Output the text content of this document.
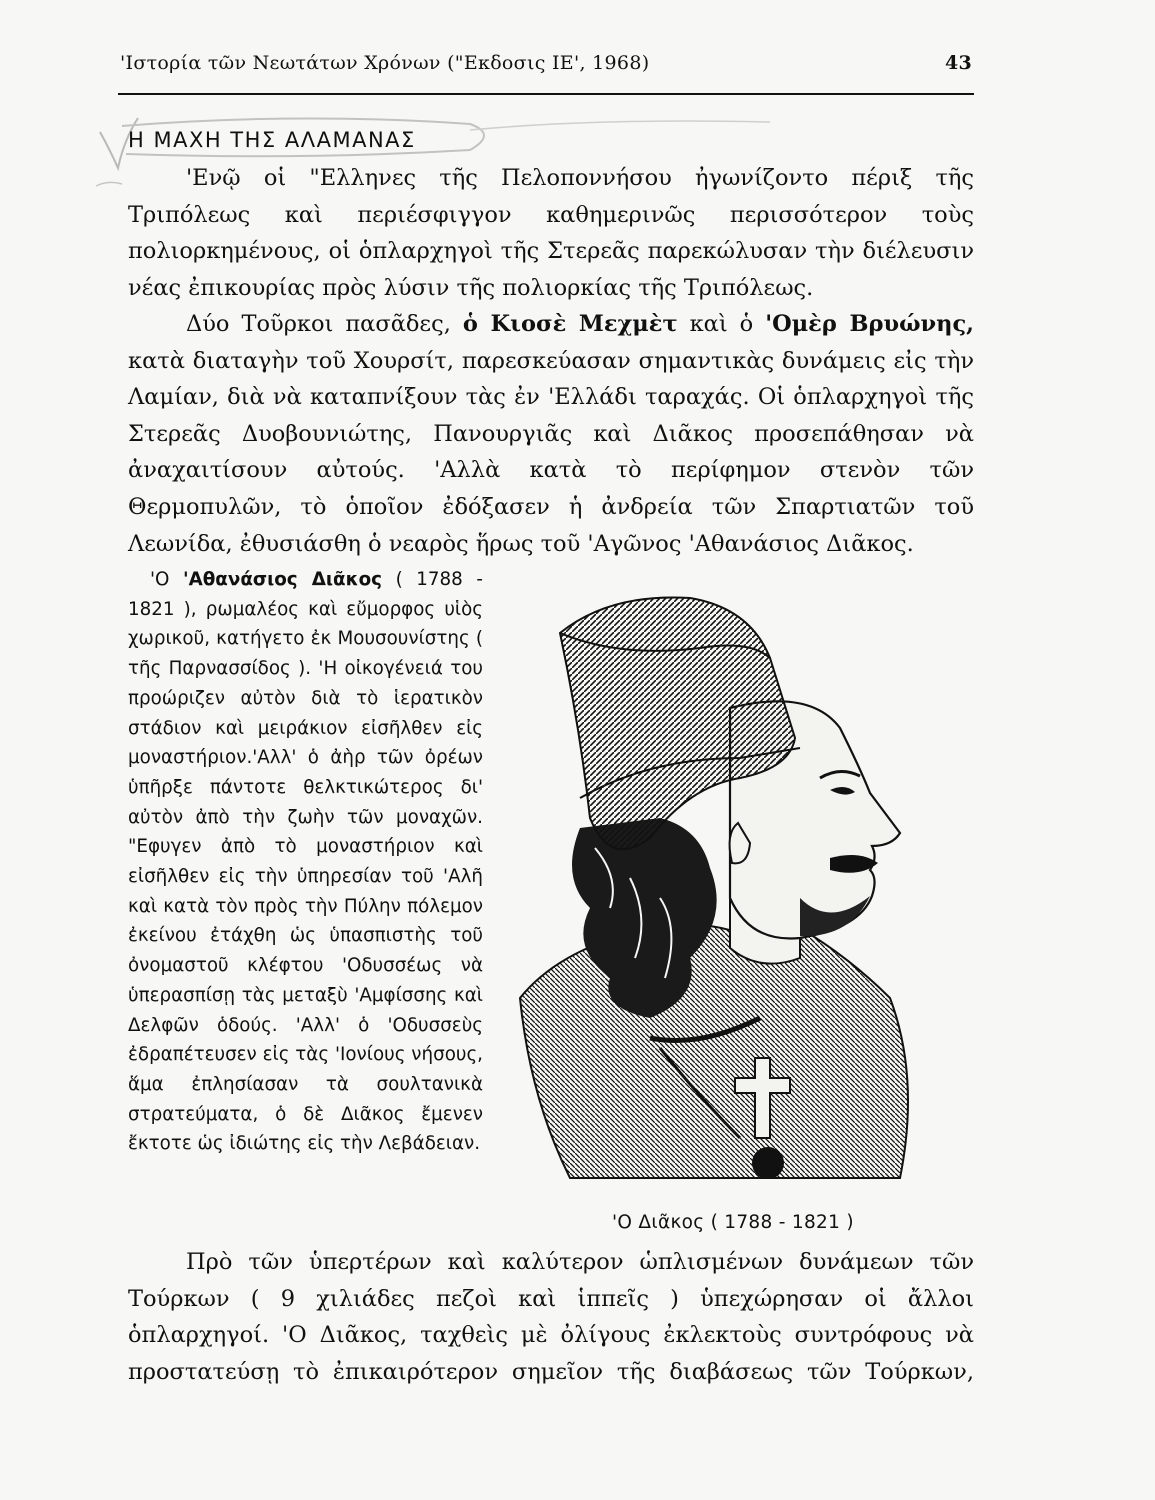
'Ιστορία τῶν Νεωτάτων Χρόνων ("Εκδοσις ΙΕ', 1968)	43
Η ΜΑΧΗ ΤΗΣ ΑΛΑΜΑΝΑΣ

'Ενῷ οἱ "Ελληνες τῆς Πελοποννήσου ἠγωνίζοντο πέριξ τῆς Τριπόλεως καὶ περιέσφιγγον καθημερινῶς περισσότερον τοὺς πολιορκημένους, οἱ ὁπλαρχηγοὶ τῆς Στερεᾶς παρεκώλυσαν τὴν διέλευσιν νέας ἐπικουρίας πρὸς λύσιν τῆς πολιορκίας τῆς Τριπόλεως.

Δύο Τοῦρκοι πασᾶδες, ὁ Κιοσὲ Μεχμὲτ καὶ ὁ 'Ομὲρ Βρυώνης, κατὰ διαταγὴν τοῦ Χουρσίτ, παρεσκεύασαν σημαντικὰς δυνάμεις εἰς τὴν Λαμίαν, διὰ νὰ καταπνίξουν τὰς ἐν 'Ελλάδι ταραχάς. Οἱ ὁπλαρχηγοὶ τῆς Στερεᾶς Δυοβουνιώτης, Πανουργιᾶς καὶ Διᾶκος προσεπάθησαν νὰ ἀναχαιτίσουν αὐτούς. 'Αλλὰ κατὰ τὸ περίφημον στενὸν τῶν Θερμοπυλῶν, τὸ ὁποῖον ἐδόξασεν ἡ ἀνδρεία τῶν Σπαρτιατῶν τοῦ Λεωνίδα, ἐθυσιάσθη ὁ νεαρὸς ἥρως τοῦ 'Αγῶνος 'Αθανάσιος Διᾶκος.

'Ο 'Αθανάσιος Διᾶκος ( 1788 - 1821 ), ρωμαλέος καὶ εὔμορφος υἱὸς χωρικοῦ, κατήγετο ἐκ Μουσουνίστης ( τῆς Παρνασσίδος ). 'Η οἰκογένειά του προώριζεν αὐτὸν διὰ τὸ ἱερατικὸν στάδιον καὶ μειράκιον εἰσῆλθεν εἰς μοναστήριον.'Αλλ' ὁ ἀὴρ τῶν ὀρέων ὑπῆρξε πάντοτε θελκτικώτερος δι' αὐτὸν ἀπὸ τὴν ζωὴν τῶν μοναχῶν. "Εφυγεν ἀπὸ τὸ μοναστήριον καὶ εἰσῆλθεν εἰς τὴν ὑπηρεσίαν τοῦ 'Αλῆ καὶ κατὰ τὸν πρὸς τὴν Πύλην πόλεμον ἐκείνου ἐτάχθη ὡς ὑπασπιστὴς τοῦ ὀνομαστοῦ κλέφτου 'Οδυσσέως νὰ ὑπερασπίσῃ τὰς μεταξὺ 'Αμφίσσης καὶ Δελφῶν ὁδούς. 'Αλλ' ὁ 'Οδυσσεὺς ἐδραπέτευσεν εἰς τὰς 'Ιονίους νήσους, ἅμα ἐπλησίασαν τὰ σουλτανικὰ στρατεύματα, ὁ δὲ Διᾶκος ἔμενεν ἔκτοτε ὡς ἰδιώτης εἰς τὴν Λεβάδειαν.

'Ο Διᾶκος ( 1788 - 1821 )

Πρὸ τῶν ὑπερτέρων καὶ καλύτερον ὡπλισμένων δυνάμεων τῶν Τούρκων ( 9 χιλιάδες πεζοὶ καὶ ἱππεῖς ) ὑπεχώρησαν οἱ ἄλλοι ὁπλαρχηγοί. 'Ο Διᾶκος, ταχθεὶς μὲ ὀλίγους ἐκλεκτοὺς συντρόφους νὰ προστατεύσῃ τὸ ἐπικαιρότερον σημεῖον τῆς διαβάσεως τῶν Τούρκων,
